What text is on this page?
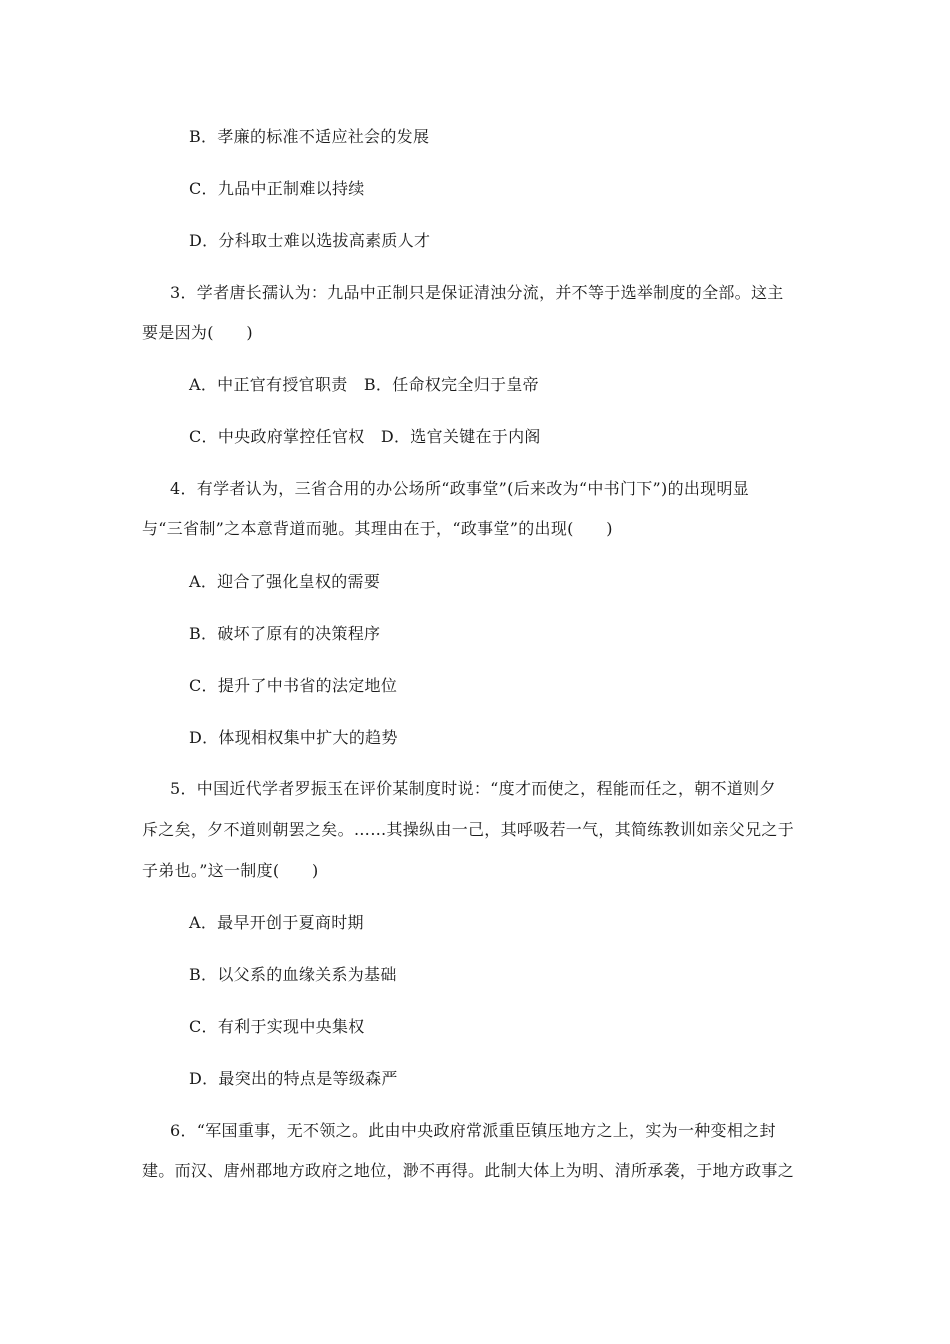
B．孝廉的标准不适应社会的发展
C．九品中正制难以持续
D．分科取士难以选拔高素质人才
3．学者唐长孺认为：九品中正制只是保证清浊分流，并不等于选举制度的全部。这主
要是因为(　　)
A．中正官有授官职责　B．任命权完全归于皇帝
C．中央政府掌控任官权　D．选官关键在于内阁
4．有学者认为，三省合用的办公场所“政事堂”(后来改为“中书门下”)的出现明显
与“三省制”之本意背道而驰。其理由在于，“政事堂”的出现(　　)
A．迎合了强化皇权的需要
B．破坏了原有的决策程序
C．提升了中书省的法定地位
D．体现相权集中扩大的趋势
5．中国近代学者罗振玉在评价某制度时说：“度才而使之，程能而任之，朝不道则夕
斥之矣，夕不道则朝罢之矣。……其操纵由一己，其呼吸若一气，其简练教训如亲父兄之于
子弟也。”这一制度(　　)
A．最早开创于夏商时期
B．以父系的血缘关系为基础
C．有利于实现中央集权
D．最突出的特点是等级森严
6．“军国重事，无不领之。此由中央政府常派重臣镇压地方之上，实为一种变相之封
建。而汉、唐州郡地方政府之地位，渺不再得。此制大体上为明、清所承袭，于地方政事之
